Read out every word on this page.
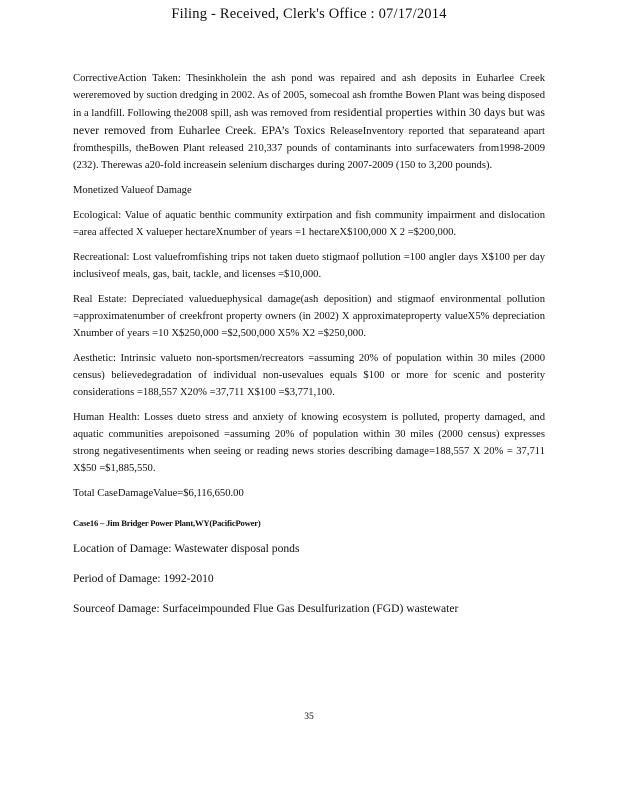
Filing - Received, Clerk's Office : 07/17/2014

CorrectiveAction Taken: Thesinkholein the ash pond was repaired and ash deposits in Euharlee Creek wereremoved by suction dredging in 2002. As of 2005, somecoal ash fromthe Bowen Plant was being disposed in a landfill. Following the2008 spill, ash was removed from residential properties within 30 days but was never removed from Euharlee Creek. EPA’s Toxics ReleaseInventory reported that separateand apart fromthespills, theBowen Plant released 210,337 pounds of contaminants into surfacewaters from1998-2009 (232). Therewas a20-fold increasein selenium discharges during 2007-2009 (150 to 3,200 pounds).

Monetized Valueof Damage

Ecological: Value of aquatic benthic community extirpation and fish community impairment and dislocation =area affected X valueper hectareXnumber of years =1 hectareX$100,000 X 2 =$200,000.

Recreational: Lost valuefromfishing trips not taken dueto stigmaof pollution =100 angler days X$100 per day inclusiveof meals, gas, bait, tackle, and licenses =$10,000.

Real Estate: Depreciated valueduephysical damage(ash deposition) and stigmaof environmental pollution =approximatenumber of creekfront property owners (in 2002) X approximateproperty valueX5% depreciation Xnumber of years =10 X$250,000 =$2,500,000 X5% X2 =$250,000.

Aesthetic: Intrinsic valueto non-sportsmen/recreators =assuming 20% of population within 30 miles (2000 census) believedegradation of individual non-usevalues equals $100 or more for scenic and posterity considerations =188,557 X20% =37,711 X$100 =$3,771,100.

Human Health: Losses dueto stress and anxiety of knowing ecosystem is polluted, property damaged, and aquatic communities arepoisoned =assuming 20% of population within 30 miles (2000 census) expresses strong negativesentiments when seeing or reading news stories describing damage=188,557 X 20% = 37,711 X$50 =$1,885,550.

Total CaseDamageValue=$6,116,650.00

Case16 – Jim Bridger Power Plant,WY(PacificPower)

Location of Damage: Wastewater disposal ponds

Period of Damage: 1992-2010

Sourceof Damage: Surfaceimpounded Flue Gas Desulfurization (FGD) wastewater

35
